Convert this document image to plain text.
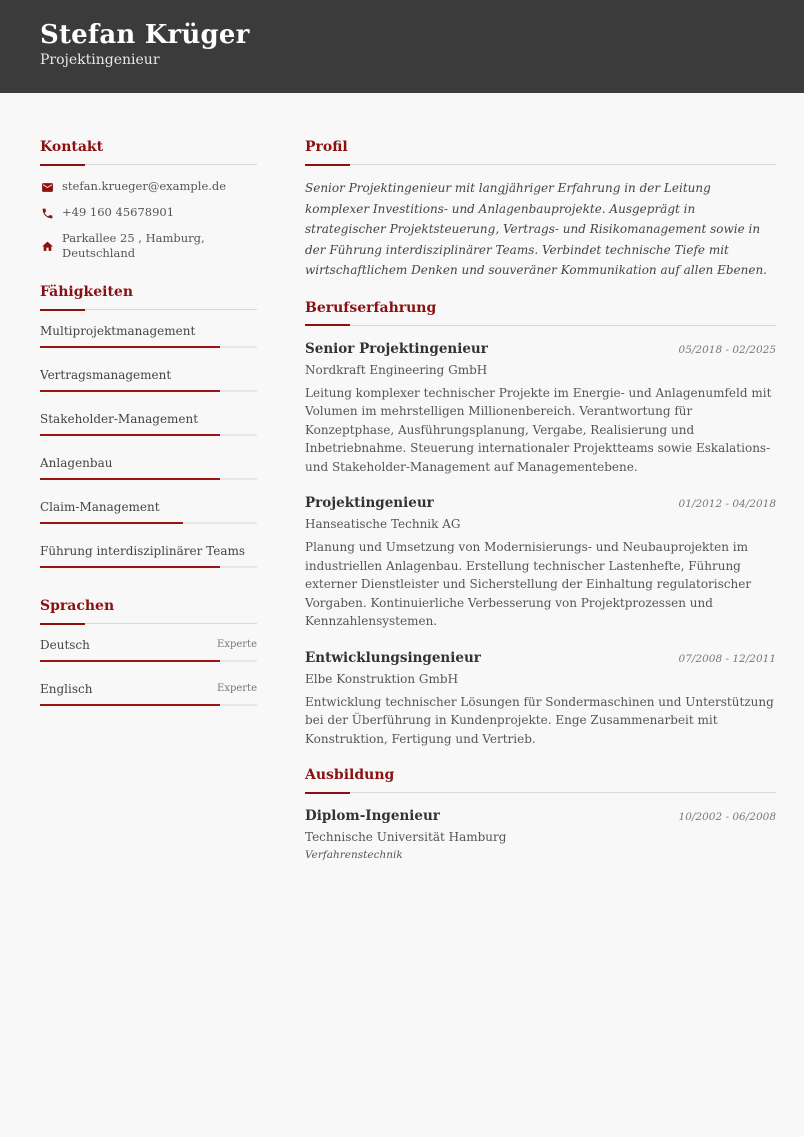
Stefan Krüger
Projektingenieur
Kontakt
stefan.krueger@example.de
+49 160 45678901
Parkallee 25 , Hamburg,
Deutschland
Fähigkeiten
Multiprojektmanagement
Vertragsmanagement
Stakeholder-Management
Anlagenbau
Claim-Management
Führung interdisziplinärer Teams
Sprachen
Deutsch	Experte
Englisch	Experte
Profil

Senior Projektingenieur mit langjähriger Erfahrung in der Leitung komplexer Investitions- und Anlagenbauprojekte. Ausgeprägt in strategischer Projektsteuerung, Vertrags- und Risikomanagement sowie in der Führung interdisziplinärer Teams. Verbindet technische Tiefe mit wirtschaftlichem Denken und souveräner Kommunikation auf allen Ebenen.

Berufserfahrung
Senior Projektingenieur	05/2018 - 02/2025
Nordkraft Engineering GmbH
Leitung komplexer technischer Projekte im Energie- und Anlagenumfeld mit Volumen im mehrstelligen Millionenbereich. Verantwortung für Konzeptphase, Ausführungsplanung, Vergabe, Realisierung und Inbetriebnahme. Steuerung internationaler Projektteams sowie Eskalations- und Stakeholder-Management auf Managementebene.
Projektingenieur	01/2012 - 04/2018
Hanseatische Technik AG
Planung und Umsetzung von Modernisierungs- und Neubauprojekten im industriellen Anlagenbau. Erstellung technischer Lastenhefte, Führung externer Dienstleister und Sicherstellung der Einhaltung regulatorischer Vorgaben. Kontinuierliche Verbesserung von Projektprozessen und Kennzahlensystemen.
Entwicklungsingenieur	07/2008 - 12/2011
Elbe Konstruktion GmbH
Entwicklung technischer Lösungen für Sondermaschinen und Unterstützung bei der Überführung in Kundenprojekte. Enge Zusammenarbeit mit Konstruktion, Fertigung und Vertrieb.
Ausbildung
Diplom-Ingenieur	10/2002 - 06/2008
Technische Universität Hamburg
Verfahrenstechnik
